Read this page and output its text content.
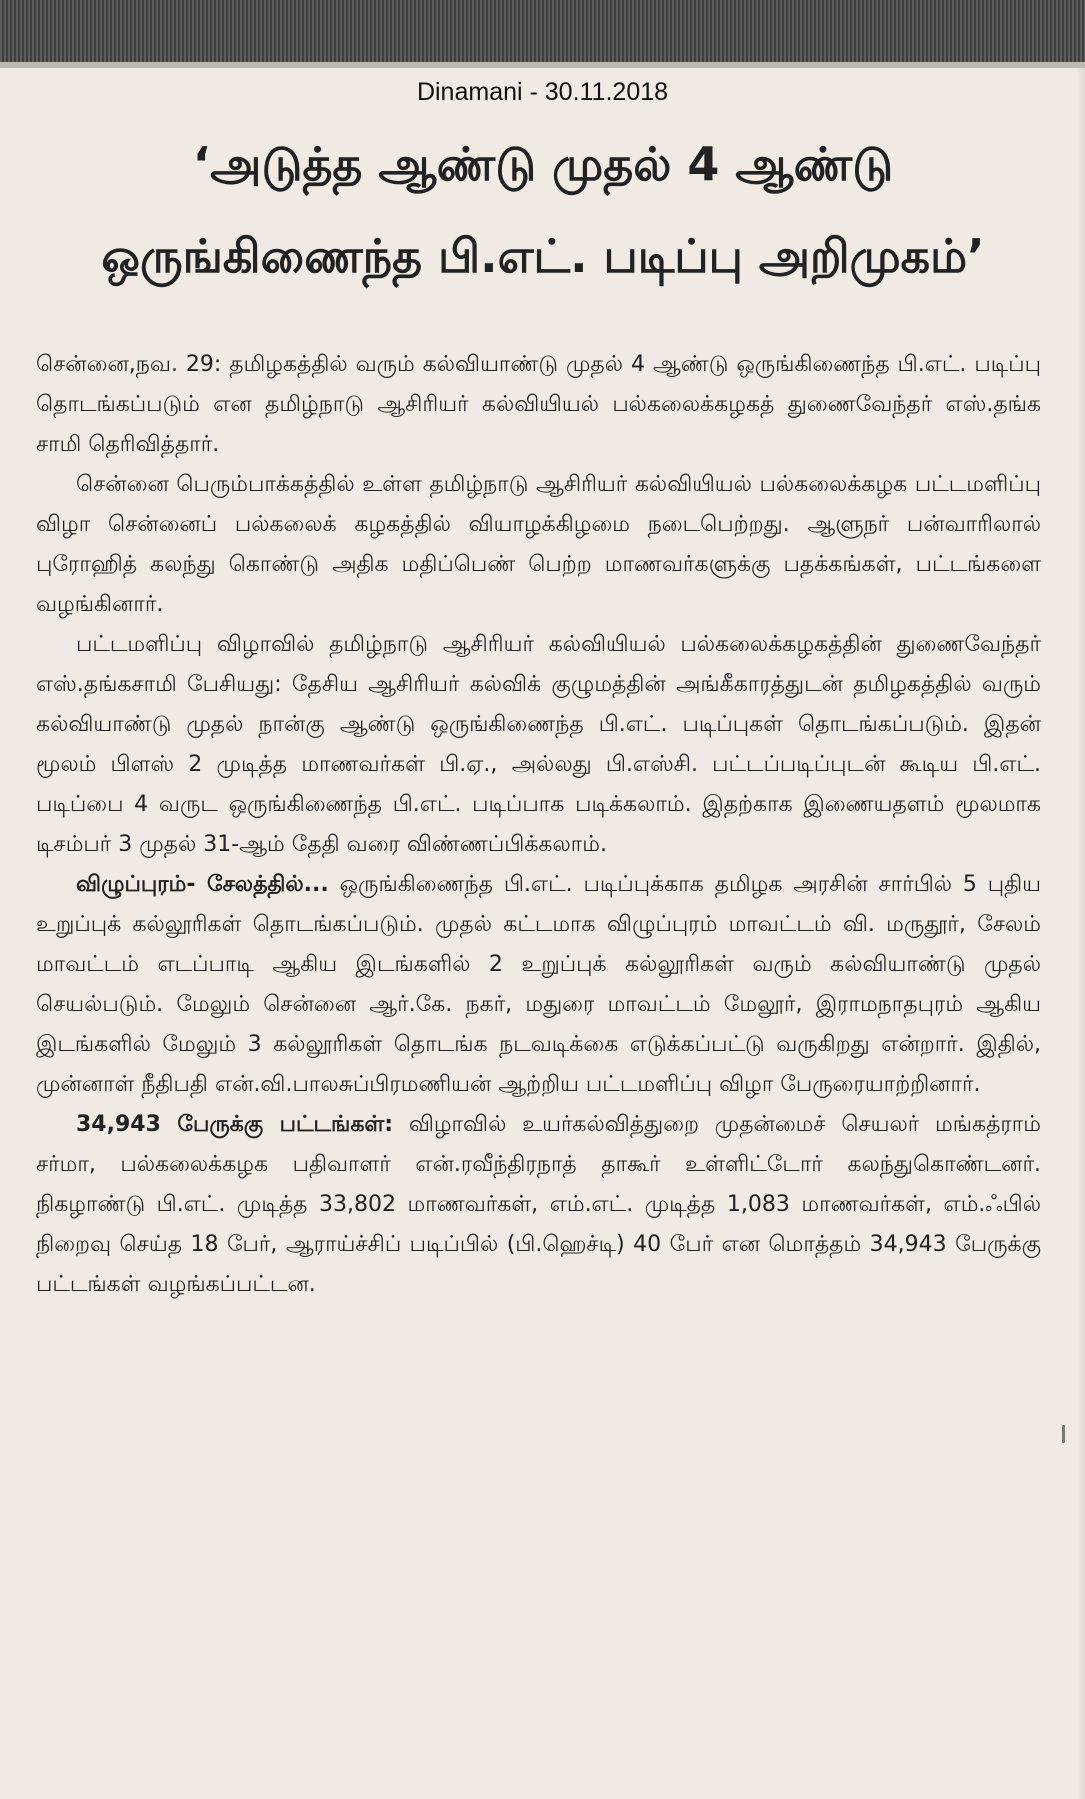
Dinamani - 30.11.2018
‘அடுத்த ஆண்டு முதல் 4 ஆண்டு
ஒருங்கிணைந்த பி.எட். படிப்பு அறிமுகம்’

சென்னை,நவ. 29: தமிழகத்தில் வரும் கல்வியாண்டு முதல் 4 ஆண்டு ஒருங்கிணைந்த பி.எட். படிப்பு தொடங்கப்படும் என தமிழ்நாடு ஆசிரியர் கல்வியியல் பல்கலைக்கழகத் துணைவேந்தர் எஸ்.தங்க சாமி தெரிவித்தார்.

சென்னை பெரும்பாக்கத்தில் உள்ள தமிழ்நாடு ஆசிரியர் கல்வியியல் பல்கலைக்கழக பட்டமளிப்பு விழா சென்னைப் பல்கலைக் கழகத்தில் வியாழக்கிழமை நடைபெற்றது. ஆளுநர் பன்வாரிலால் புரோஹித் கலந்து கொண்டு அதிக மதிப்பெண் பெற்ற மாணவர்களுக்கு பதக்கங்கள், பட்டங்களை வழங்கினார்.

பட்டமளிப்பு விழாவில் தமிழ்நாடு ஆசிரியர் கல்வியியல் பல்கலைக்கழகத்தின் துணைவேந்தர் எஸ்.தங்கசாமி பேசியது: தேசிய ஆசிரியர் கல்விக் குழுமத்தின் அங்கீகாரத்துடன் தமிழகத்தில் வரும் கல்வியாண்டு முதல் நான்கு ஆண்டு ஒருங்கிணைந்த பி.எட். படிப்புகள் தொடங்கப்படும். இதன் மூலம் பிளஸ் 2 முடித்த மாணவர்கள் பி.ஏ., அல்லது பி.எஸ்சி. பட்டப்படிப்புடன் கூடிய பி.எட். படிப்பை 4 வருட ஒருங்கிணைந்த பி.எட். படிப்பாக படிக்கலாம். இதற்காக இணையதளம் மூலமாக டிசம்பர் 3 முதல் 31-ஆம் தேதி வரை விண்ணப்பிக்கலாம்.

விழுப்புரம்- சேலத்தில்... ஒருங்கிணைந்த பி.எட். படிப்புக்காக தமிழக அரசின் சார்பில் 5 புதிய உறுப்புக் கல்லூரிகள் தொடங்கப்படும். முதல் கட்டமாக விழுப்புரம் மாவட்டம் வி. மருதூர், சேலம் மாவட்டம் எடப்பாடி ஆகிய இடங்களில் 2 உறுப்புக் கல்லூரிகள் வரும் கல்வியாண்டு முதல் செயல்படும். மேலும் சென்னை ஆர்.கே. நகர், மதுரை மாவட்டம் மேலூர், இராமநாதபுரம் ஆகிய இடங்களில் மேலும் 3 கல்லூரிகள் தொடங்க நடவடிக்கை எடுக்கப்பட்டு வருகிறது என்றார். இதில், முன்னாள் நீதிபதி என்.வி.பாலசுப்பிரமணியன் ஆற்றிய பட்டமளிப்பு விழா பேருரையாற்றினார்.

34,943 பேருக்கு பட்டங்கள்: விழாவில் உயர்கல்வித்துறை முதன்மைச் செயலர் மங்கத்ராம் சர்மா, பல்கலைக்கழக பதிவாளர் என்.ரவீந்திரநாத் தாகூர் உள்ளிட்டோர் கலந்துகொண்டனர். நிகழாண்டு பி.எட். முடித்த 33,802 மாணவர்கள், எம்.எட். முடித்த 1,083 மாணவர்கள், எம்.ஃபில் நிறைவு செய்த 18 பேர், ஆராய்ச்சிப் படிப்பில் (பி.ஹெச்டி) 40 பேர் என மொத்தம் 34,943 பேருக்கு பட்டங்கள் வழங்கப்பட்டன.
